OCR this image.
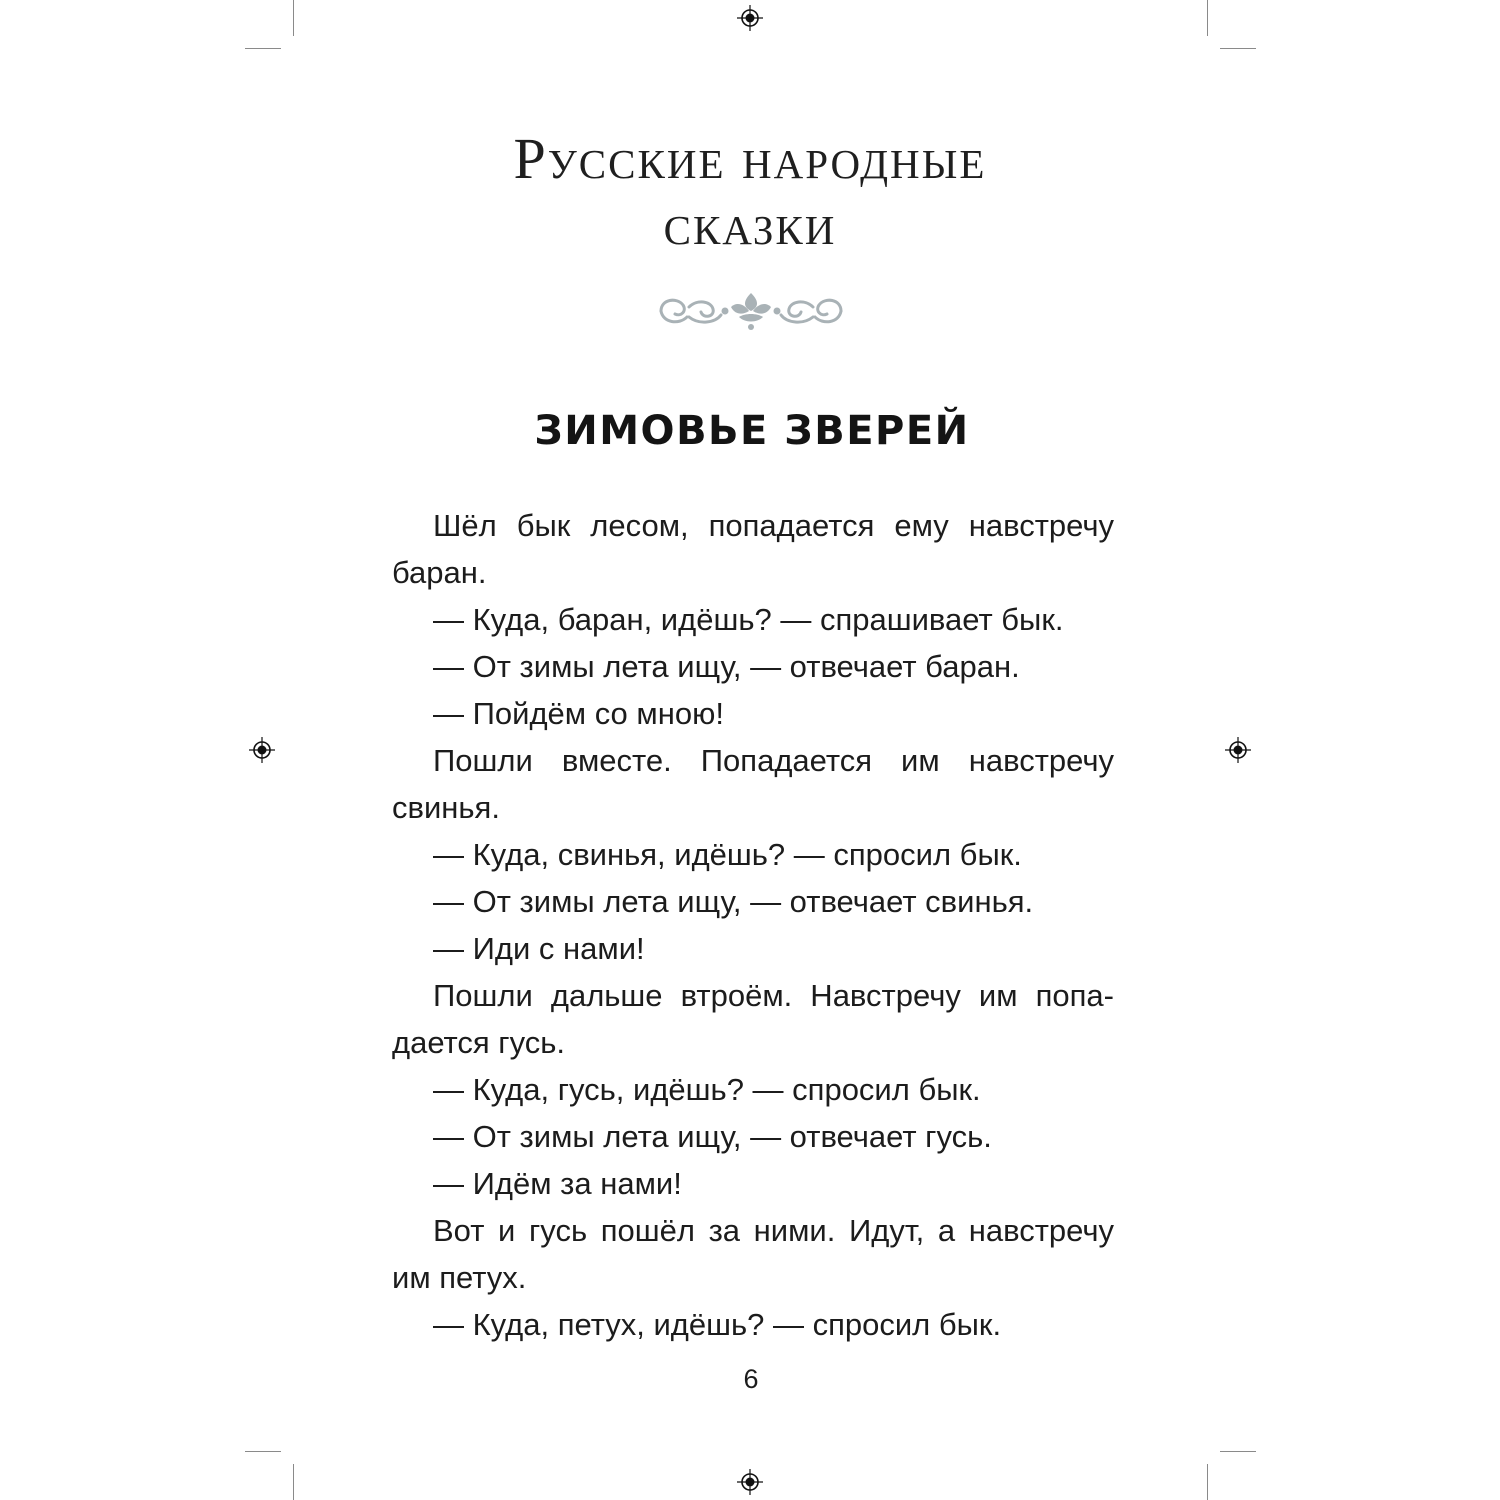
Русские народные
сказки
ЗИМОВЬЕ ЗВЕРЕЙ

Шёл бык лесом, попадается ему навстречу баран.

— Куда, баран, идёшь? — спрашивает бык.

— От зимы лета ищу, — отвечает баран.

— Пойдём со мною!

Пошли вместе. Попадается им навстречу свинья.

— Куда, свинья, идёшь? — спросил бык.

— От зимы лета ищу, — отвечает свинья.

— Иди с нами!

Пошли дальше втроём. Навстречу им попадается гусь.

— Куда, гусь, идёшь? — спросил бык.

— От зимы лета ищу, — отвечает гусь.

— Идём за нами!

Вот и гусь пошёл за ними. Идут, а навстречу им петух.

— Куда, петух, идёшь? — спросил бык.

6
